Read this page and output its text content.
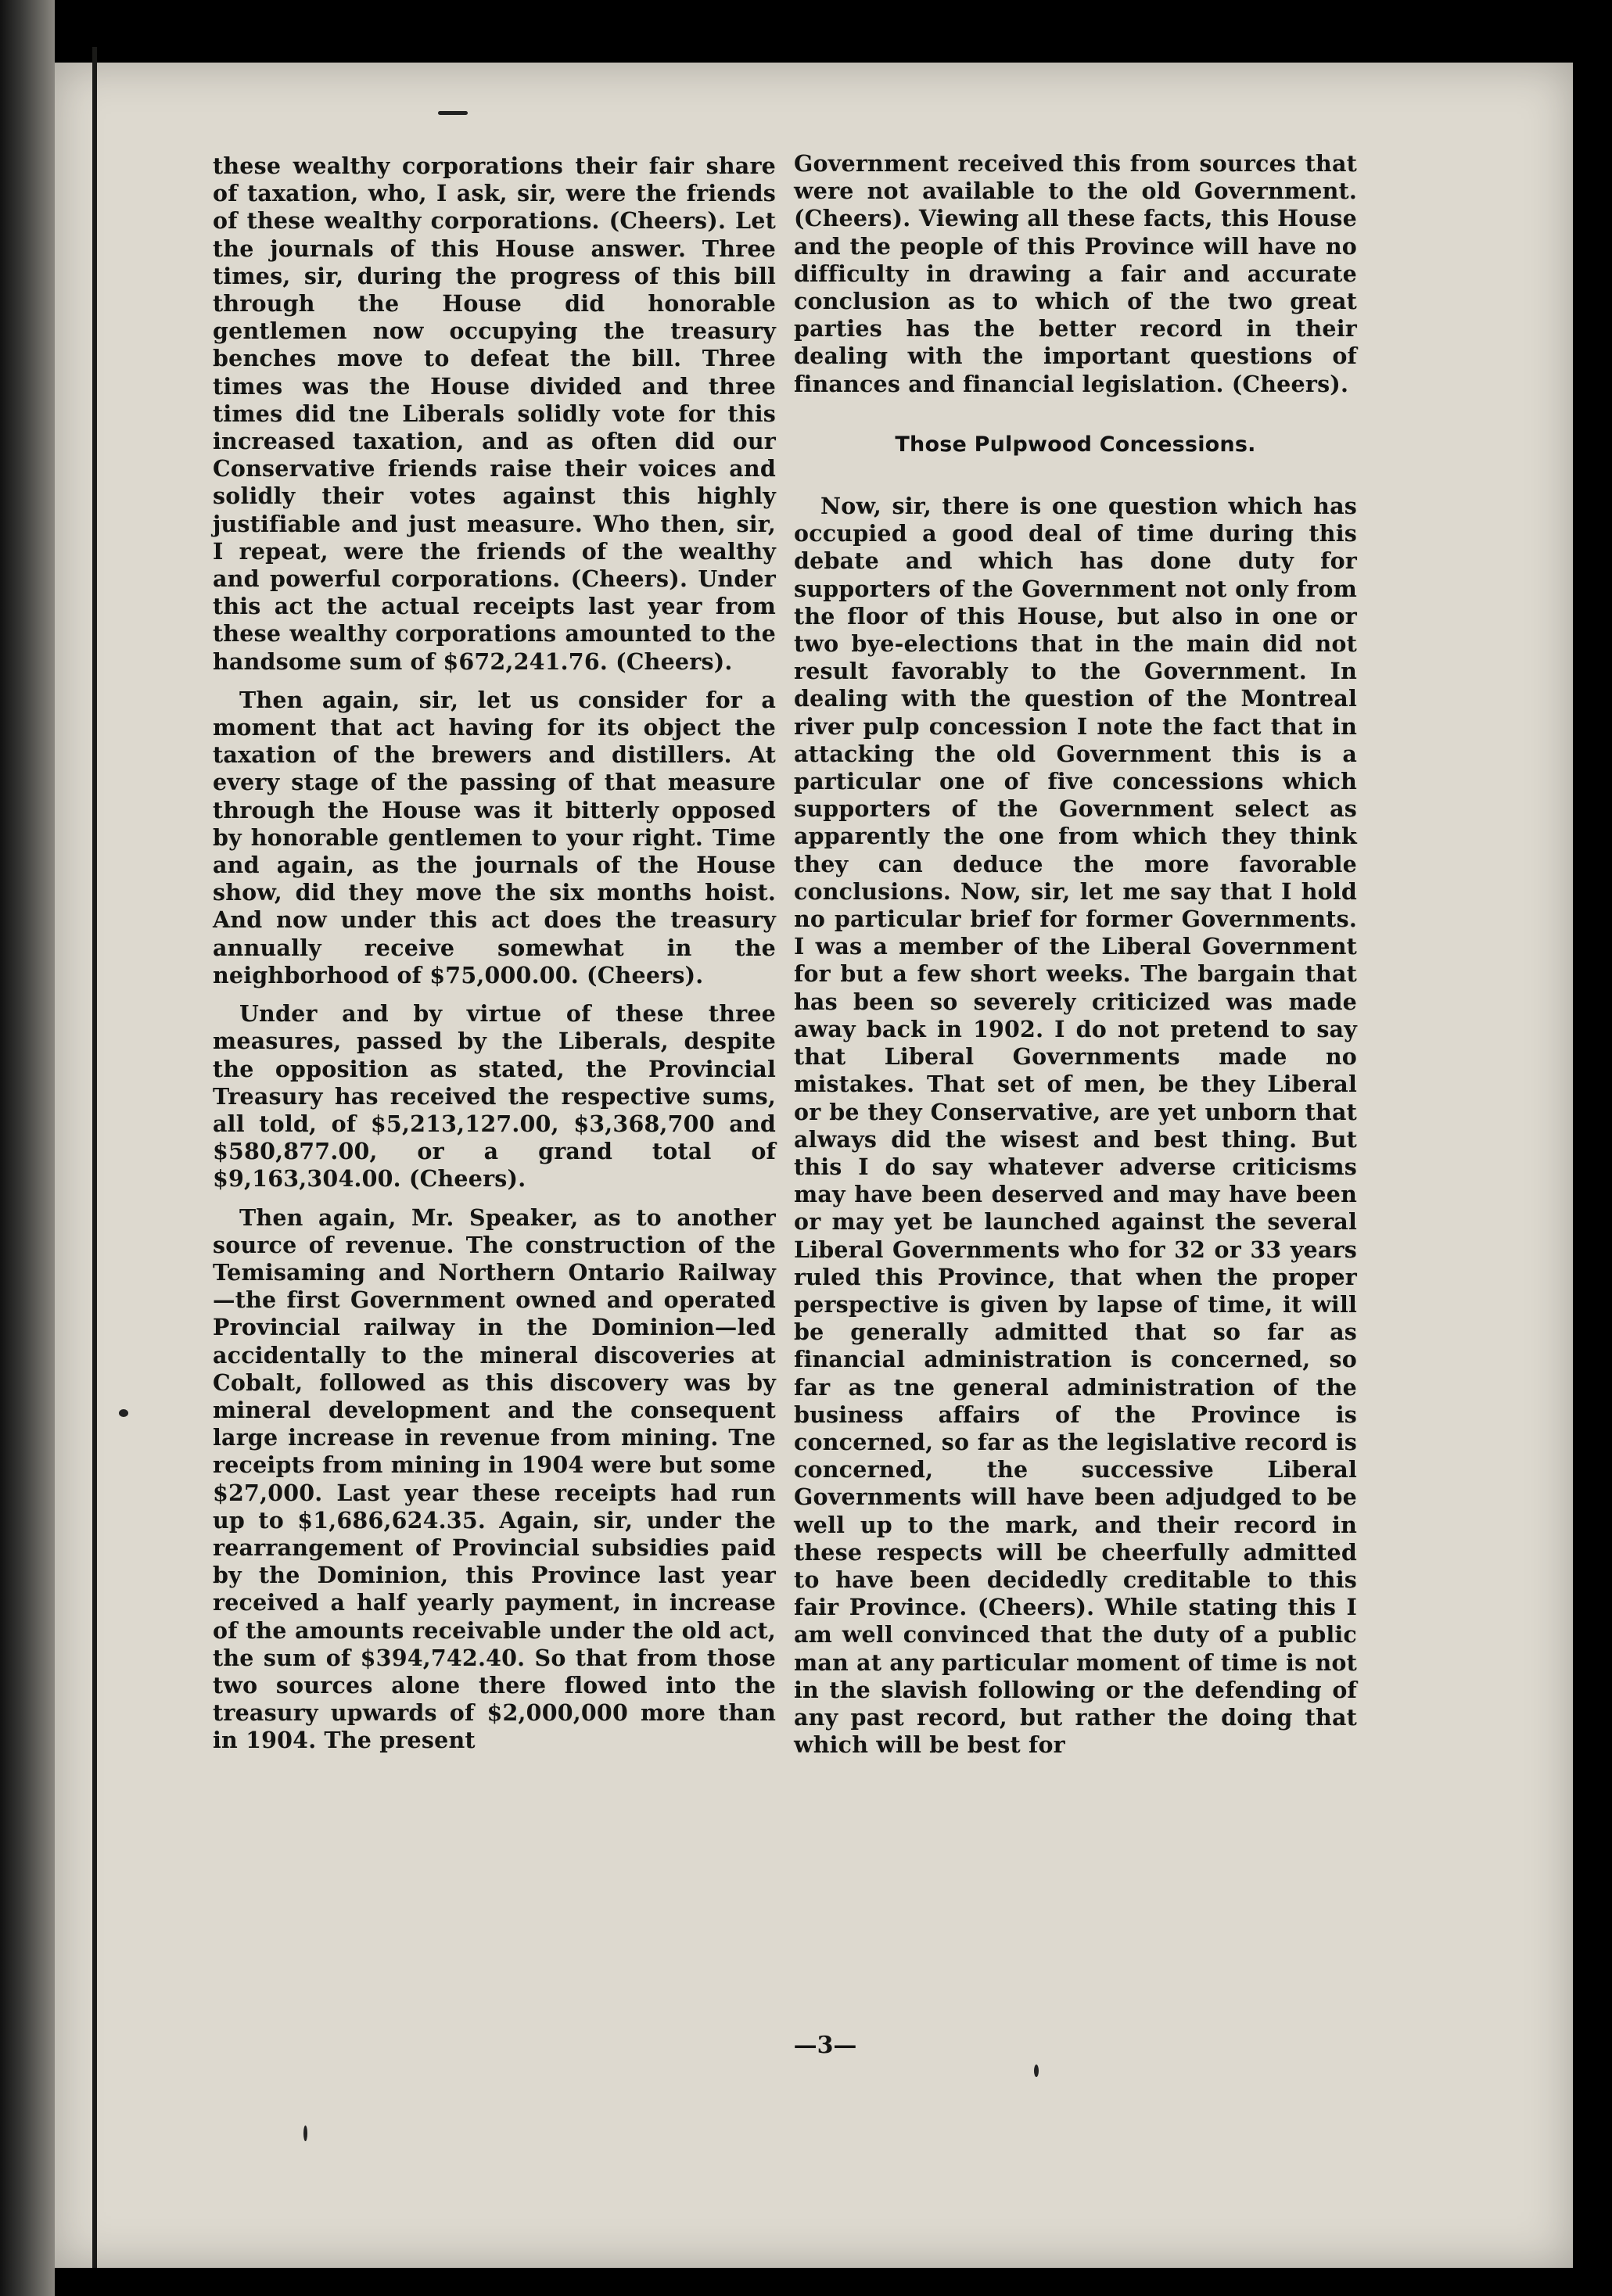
these wealthy corporations their fair share of taxation, who, I ask, sir, were the friends of these wealthy corporations. (Cheers). Let the journals of this House answer. Three times, sir, during the progress of this bill through the House did honorable gentlemen now occupying the treasury benches move to defeat the bill. Three times was the House divided and three times did tne Liberals solidly vote for this increased taxation, and as often did our Conservative friends raise their voices and solidly their votes against this highly justifiable and just measure. Who then, sir, I repeat, were the friends of the wealthy and powerful corporations. (Cheers). Under this act the actual receipts last year from these wealthy corporations amounted to the handsome sum of $672,241.76. (Cheers).

Then again, sir, let us consider for a moment that act having for its object the taxation of the brewers and distillers. At every stage of the passing of that measure through the House was it bitterly opposed by honorable gentlemen to your right. Time and again, as the journals of the House show, did they move the six months hoist. And now under this act does the treasury annually receive somewhat in the neighborhood of $75,000.00. (Cheers).

Under and by virtue of these three measures, passed by the Liberals, despite the opposition as stated, the Provincial Treasury has received the respective sums, all told, of $5,213,127.00, $3,368,700 and $580,877.00, or a grand total of $9,163,304.00. (Cheers).

Then again, Mr. Speaker, as to another source of revenue. The construction of the Temisaming and Northern Ontario Railway—the first Government owned and operated Provincial railway in the Dominion—led accidentally to the mineral discoveries at Cobalt, followed as this discovery was by mineral development and the consequent large increase in revenue from mining. Tne receipts from mining in 1904 were but some $27,000. Last year these receipts had run up to $1,686,624.35. Again, sir, under the rearrangement of Provincial subsidies paid by the Dominion, this Province last year received a half yearly payment, in increase of the amounts receivable under the old act, the sum of $394,742.40. So that from those two sources alone there flowed into the treasury upwards of $2,000,000 more than in 1904. The present

Government received this from sources that were not available to the old Government. (Cheers). Viewing all these facts, this House and the people of this Province will have no difficulty in drawing a fair and accurate conclusion as to which of the two great parties has the better record in their dealing with the important questions of finances and financial legislation. (Cheers).

Those Pulpwood Concessions.

Now, sir, there is one question which has occupied a good deal of time during this debate and which has done duty for supporters of the Government not only from the floor of this House, but also in one or two bye-elections that in the main did not result favorably to the Government. In dealing with the question of the Montreal river pulp concession I note the fact that in attacking the old Government this is a particular one of five concessions which supporters of the Government select as apparently the one from which they think they can deduce the more favorable conclusions. Now, sir, let me say that I hold no particular brief for former Governments. I was a member of the Liberal Government for but a few short weeks. The bargain that has been so severely criticized was made away back in 1902. I do not pretend to say that Liberal Governments made no mistakes. That set of men, be they Liberal or be they Conservative, are yet unborn that always did the wisest and best thing. But this I do say whatever adverse criticisms may have been deserved and may have been or may yet be launched against the several Liberal Governments who for 32 or 33 years ruled this Province, that when the proper perspective is given by lapse of time, it will be generally admitted that so far as financial administration is concerned, so far as tne general administration of the business affairs of the Province is concerned, so far as the legislative record is concerned, the successive Liberal Governments will have been adjudged to be well up to the mark, and their record in these respects will be cheerfully admitted to have been decidedly creditable to this fair Province. (Cheers). While stating this I am well convinced that the duty of a public man at any particular moment of time is not in the slavish following or the defending of any past record, but rather the doing that which will be best for

—3—
